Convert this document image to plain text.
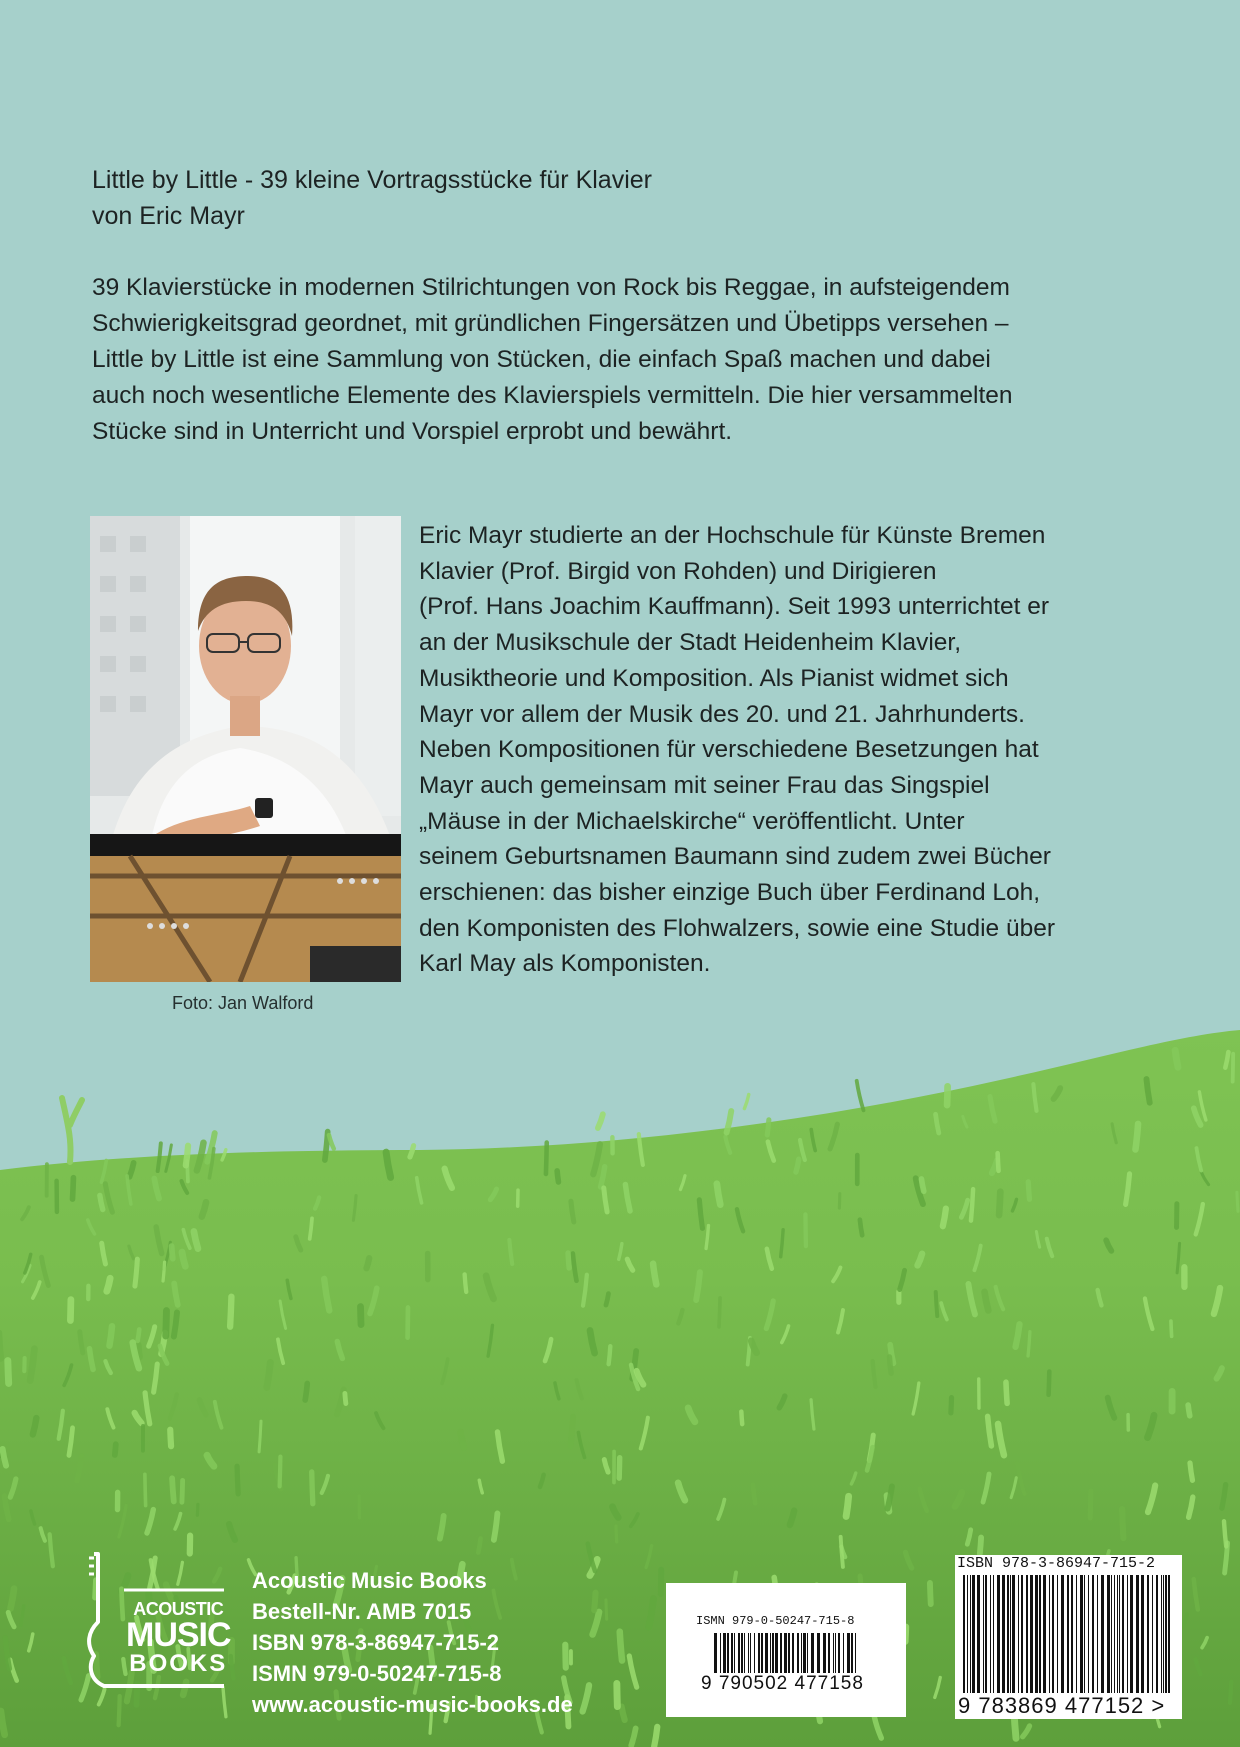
Little by Little - 39 kleine Vortragsstücke für Klavier
von Eric Mayr
39 Klavierstücke in modernen Stilrichtungen von Rock bis Reggae, in aufsteigendem
Schwierigkeitsgrad geordnet, mit gründlichen Fingersätzen und Übetipps versehen –
Little by Little ist eine Sammlung von Stücken, die einfach Spaß machen und dabei
auch noch wesentliche Elemente des Klavierspiels vermitteln. Die hier versammelten
Stücke sind in Unterricht und Vorspiel erprobt und bewährt.
Foto: Jan Walford

Eric Mayr studierte an der Hochschule für Künste Bremen
Klavier (Prof. Birgid von Rohden) und Dirigieren
(Prof. Hans Joachim Kauffmann). Seit 1993 unterrichtet er
an der Musikschule der Stadt Heidenheim Klavier,
Musiktheorie und Komposition. Als Pianist widmet sich
Mayr vor allem der Musik des 20. und 21. Jahrhunderts.
Neben Kompositionen für verschiedene Besetzungen hat
Mayr auch gemeinsam mit seiner Frau das Singspiel
„Mäuse in der Michaelskirche“ veröffentlicht. Unter
seinem Geburtsnamen Baumann sind zudem zwei Bücher
erschienen: das bisher einzige Buch über Ferdinand Loh,
den Komponisten des Flohwalzers, sowie eine Studie über
Karl May als Komponisten.

ACOUSTIC
MUSIC
BOOKS
Acoustic Music Books
Bestell-Nr. AMB 7015
ISBN 978-3-86947-715-2
ISMN 979-0-50247-715-8
www.acoustic-music-books.de
ISMN 979-0-50247-715-8
9 790502 477158
ISBN 978-3-86947-715-2
9 783869 477152 >
